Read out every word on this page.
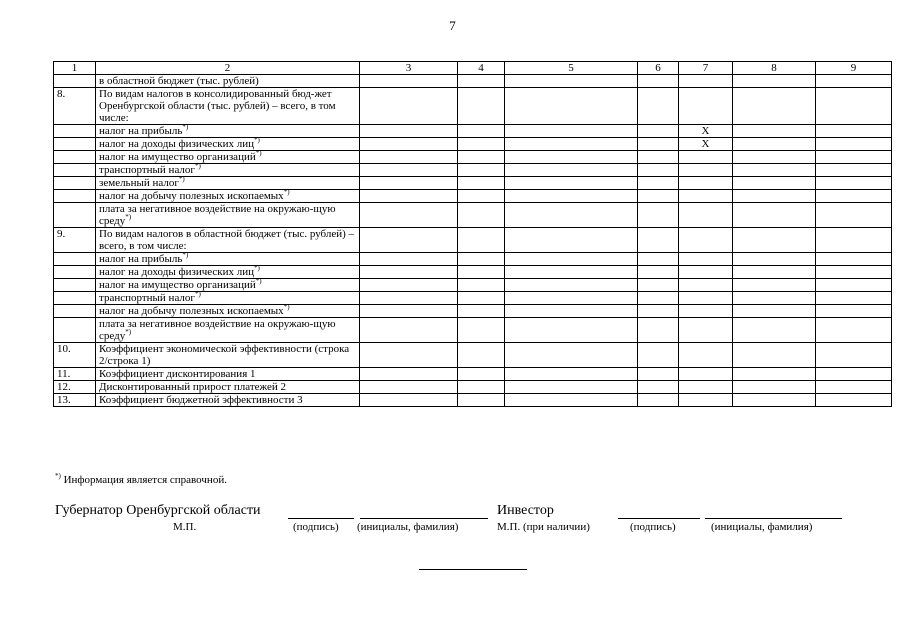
7
1	2	3	4	5	6	7	8	9
	в областной бюджет (тыс. рублей)							
8.	По видам налогов в консолидированный бюд-жет Оренбургской области (тыс. рублей) – всего, в том числе:							
	налог на прибыль*)					X		
	налог на доходы физических лиц*)					X		
	налог на имущество организаций*)							
	транспортный налог*)							
	земельный налог*)							
	налог на добычу полезных ископаемых*)							
	плата за негативное воздействие на окружаю-щую среду*)							
9.	По видам налогов в областной бюджет (тыс. рублей) – всего, в том числе:							
	налог на прибыль*)							
	налог на доходы физических лиц*)							
	налог на имущество организаций*)							
	транспортный налог*)							
	налог на добычу полезных ископаемых*)							
	плата за негативное воздействие на окружаю-щую среду*)							
10.	Коэффициент экономической эффективности (строка 2/строка 1)							
11.	Коэффициент дисконтирования 1							
12.	Дисконтированный прирост платежей 2							
13.	Коэффициент бюджетной эффективности 3							
*) Информация является справочной.
Губернатор Оренбургской области
М.П.	(подпись) (инициалы, фамилия)
Инвестор
М.П. (при наличии)	(подпись)	(инициалы, фамилия)
